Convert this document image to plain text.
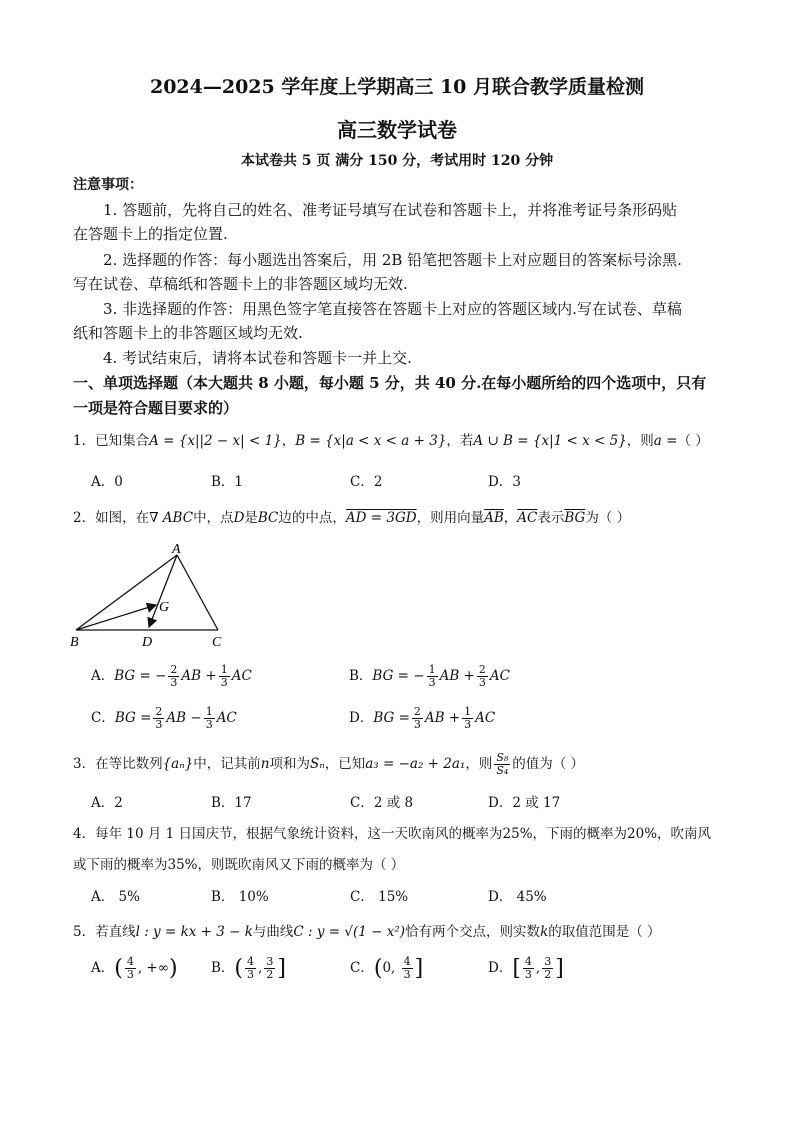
2024—2025 学年度上学期高三 10 月联合教学质量检测
高三数学试卷
本试卷共 5 页 满分 150 分，考试用时 120 分钟
注意事项：
1. 答题前，先将自己的姓名、准考证号填写在试卷和答题卡上，并将准考证号条形码贴
在答题卡上的指定位置.
2. 选择题的作答：每小题选出答案后，用 2B 铅笔把答题卡上对应题目的答案标号涂黑.
写在试卷、草稿纸和答题卡上的非答题区域均无效.
3. 非选择题的作答：用黑色签字笔直接答在答题卡上对应的答题区域内.写在试卷、草稿
纸和答题卡上的非答题区域均无效.
4. 考试结束后，请将本试卷和答题卡一并上交.
一、单项选择题（本大题共 8 小题，每小题 5 分，共 40 分.在每小题所给的四个选项中，只有
一项是符合题目要求的）
1．已知集合A = {x||2 − x| < 1}，B = {x|a < x < a + 3}，若A ∪ B = {x|1 < x < 5}，则a =（ ）
A．0	B．1	C．2	D．3
2．如图，在∇ ABC中，点D是BC边的中点，AD = 3GD，则用向量$\overline{AB}$，$\overline{AC}$表示$\overline{BG}$为（ ）
A
B	C
D
G
A．BG = − $\frac{2}{3}$ AB + $\frac{1}{3}$ AC	B．BG = − $\frac{1}{3}$ AB + $\frac{2}{3}$ AC
C．BG = $\frac{2}{3}$ AB − $\frac{1}{3}$ AC	D．BG = $\frac{2}{3}$ AB + $\frac{1}{3}$ AC
3．在等比数列{aₙ}中，记其前n项和为Sₙ，已知a₃ = −a₂ + 2a₁，则 $\frac{\text{S₈}}{\text{S₄}}$ 的值为（ ）
A．2	B．17	C．2 或 8	D．2 或 17
4．每年 10 月 1 日国庆节，根据气象统计资料，这一天吹南风的概率为25%，下雨的概率为20%，吹南风
或下雨的概率为35%，则既吹南风又下雨的概率为（ ）
A． 5%	B． 10%	C． 15%	D． 45%
5．若直线l : y = kx + 3 − k与曲线C : y = √(1 − x²)恰有两个交点，则实数k的取值范围是（ ）
A．( $\frac{4}{3}$ , +∞) B．( $\frac{4}{3}$ , $\frac{3}{2}$ ]	C．(0, $\frac{4}{3}$ ]	D．[ $\frac{4}{3}$ , $\frac{3}{2}$ ]
